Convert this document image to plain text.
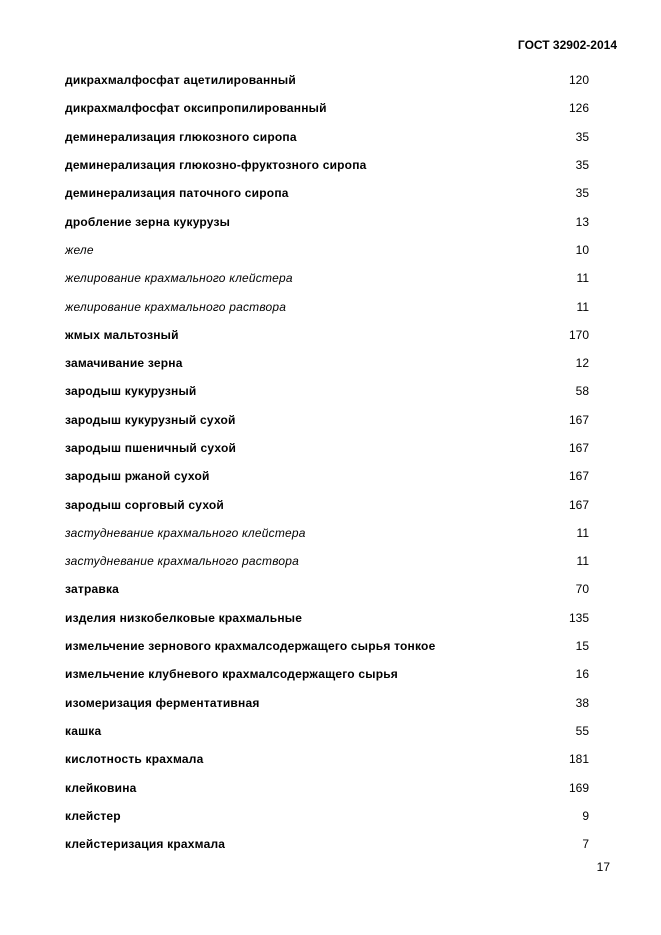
ГОСТ 32902-2014
дикрахмалфосфат ацетилированный	120
дикрахмалфосфат оксипропилированный	126
деминерализация глюкозного сиропа	35
деминерализация глюкозно-фруктозного сиропа	35
деминерализация паточного сиропа	35
дробление зерна кукурузы	13
желе	10
желирование крахмального клейстера	11
желирование крахмального раствора	11
жмых мальтозный	170
замачивание зерна	12
зародыш кукурузный	58
зародыш кукурузный сухой	167
зародыш пшеничный сухой	167
зародыш ржаной сухой	167
зародыш сорговый сухой	167
застудневание крахмального клейстера	11
застудневание крахмального раствора	11
затравка	70
изделия низкобелковые крахмальные	135
измельчение зернового крахмалсодержащего сырья тонкое	15
измельчение клубневого крахмалсодержащего сырья	16
изомеризация ферментативная	38
кашка	55
кислотность крахмала	181
клейковина	169
клейстер	9
клейстеризация крахмала	7
17
